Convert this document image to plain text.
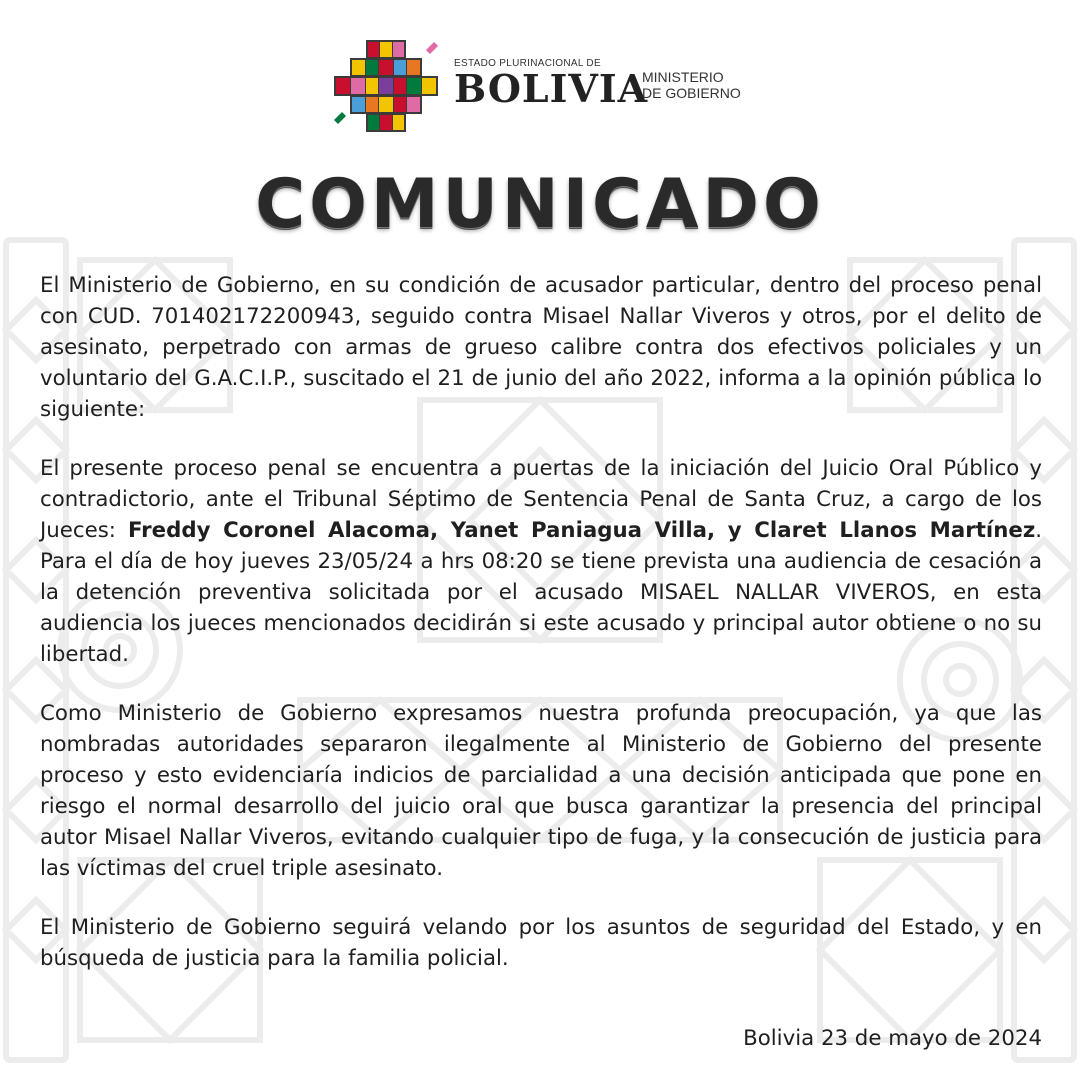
ESTADO PLURINACIONAL DE
BOLIVIA
MINISTERIO
DE GOBIERNO
COMUNICADO

El Ministerio de Gobierno, en su condición de acusador particular, dentro del proceso penal con CUD. 701402172200943, seguido contra Misael Nallar Viveros y otros, por el delito de asesinato, perpetrado con armas de grueso calibre contra dos efectivos policiales y un voluntario del G.A.C.I.P., suscitado el 21 de junio del año 2022, informa a la opinión pública lo siguiente:

El presente proceso penal se encuentra a puertas de la iniciación del Juicio Oral Público y contradictorio, ante el Tribunal Séptimo de Sentencia Penal de Santa Cruz, a cargo de los Jueces: Freddy Coronel Alacoma, Yanet Paniagua Villa, y Claret Llanos Martínez. Para el día de hoy jueves 23/05/24 a hrs 08:20 se tiene prevista una audiencia de cesación a la detención preventiva solicitada por el acusado MISAEL NALLAR VIVEROS, en esta audiencia los jueces mencionados decidirán si este acusado y principal autor obtiene o no su libertad.

Como Ministerio de Gobierno expresamos nuestra profunda preocupación, ya que las nombradas autoridades separaron ilegalmente al Ministerio de Gobierno del presente proceso y esto evidenciaría indicios de parcialidad a una decisión anticipada que pone en riesgo el normal desarrollo del juicio oral que busca garantizar la presencia del principal autor Misael Nallar Viveros, evitando cualquier tipo de fuga, y la consecución de justicia para las víctimas del cruel triple asesinato.

El Ministerio de Gobierno seguirá velando por los asuntos de seguridad del Estado, y en búsqueda de justicia para la familia policial.

Bolivia 23 de mayo de 2024
